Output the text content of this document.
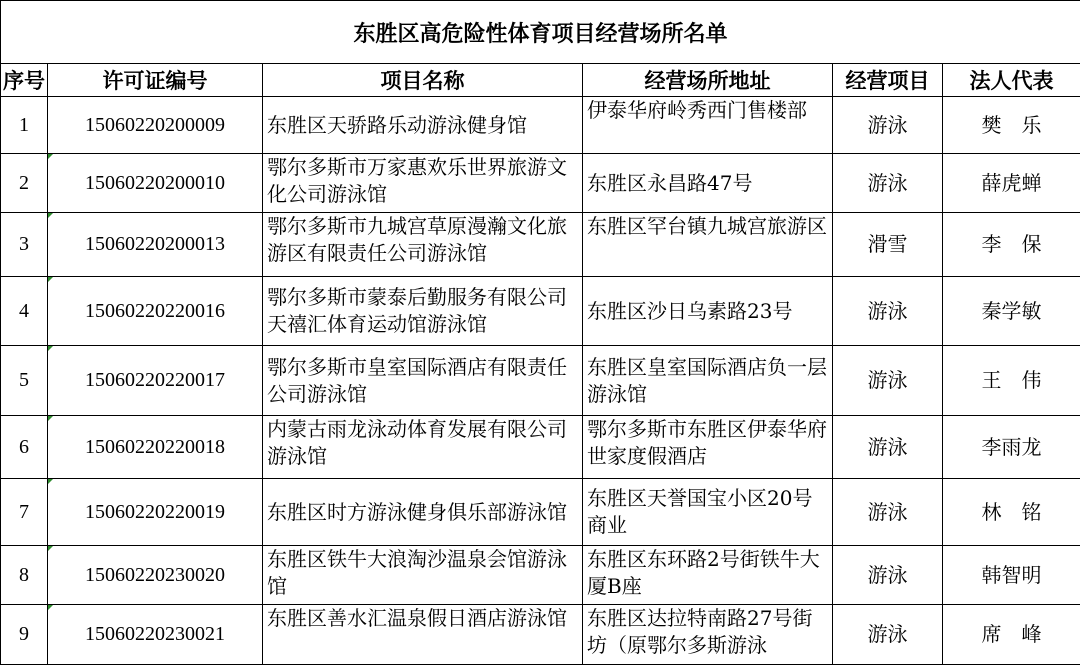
东胜区高危险性体育项目经营场所名单					
序号	许可证编号	项目名称	经营场所地址	经营项目	法人代表
1	15060220200009	东胜区天骄路乐动游泳健身馆	伊泰华府岭秀西门售楼部	游泳	樊　乐
2	15060220200010	鄂尔多斯市万家惠欢乐世界旅游文化公司游泳馆	东胜区永昌路47号	游泳	薛虎蝉
3	15060220200013	鄂尔多斯市九城宫草原漫瀚文化旅游区有限责任公司游泳馆	东胜区罕台镇九城宫旅游区	滑雪	李　保
4	15060220220016	鄂尔多斯市蒙泰后勤服务有限公司天禧汇体育运动馆游泳馆	东胜区沙日乌素路23号	游泳	秦学敏
5	15060220220017	鄂尔多斯市皇室国际酒店有限责任公司游泳馆	东胜区皇室国际酒店负一层游泳馆	游泳	王　伟
6	15060220220018	内蒙古雨龙泳动体育发展有限公司游泳馆	鄂尔多斯市东胜区伊泰华府世家度假酒店	游泳	李雨龙
7	15060220220019	东胜区时方游泳健身俱乐部游泳馆	东胜区天誉国宝小区20号商业	游泳	林　铭
8	15060220230020	东胜区铁牛大浪淘沙温泉会馆游泳馆	东胜区东环路2号街铁牛大厦B座	游泳	韩智明
9	15060220230021	东胜区善水汇温泉假日酒店游泳馆	东胜区达拉特南路27号街坊（原鄂尔多斯游泳	游泳	席　峰
